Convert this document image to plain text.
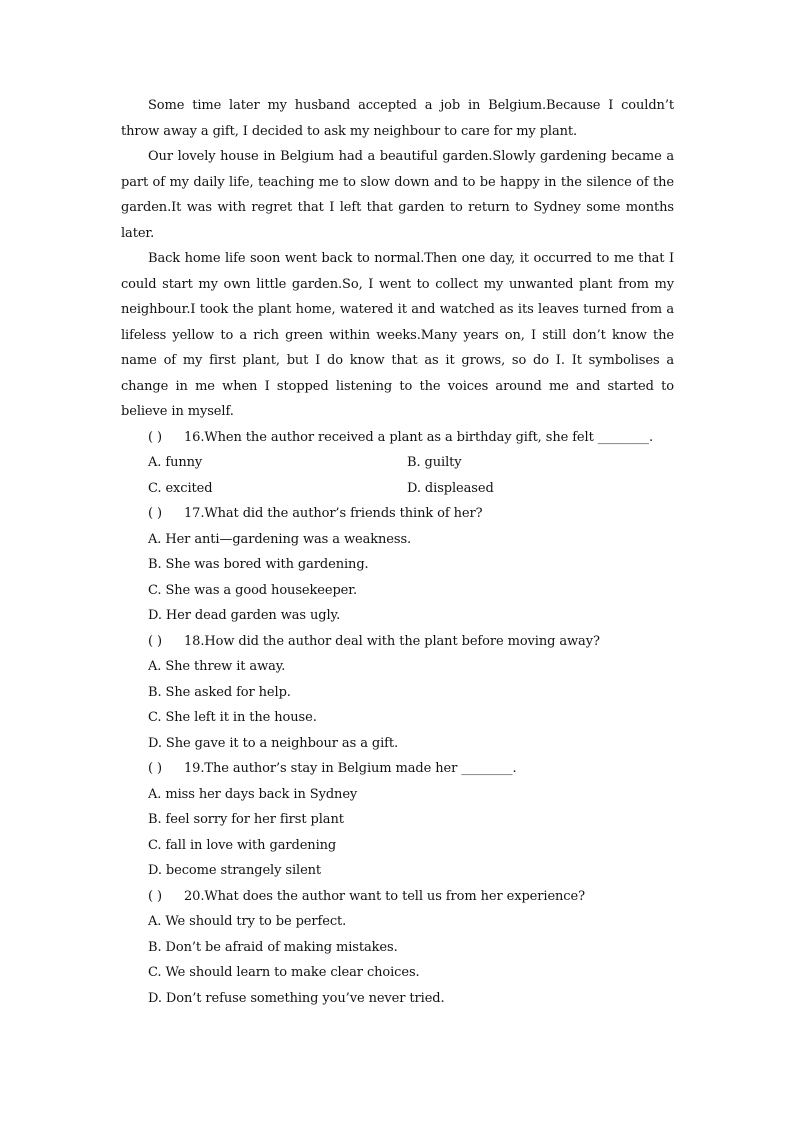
Some time later my husband accepted a job in Belgium.Because I couldn’t throw away a gift, I decided to ask my neighbour to care for my plant.

Our lovely house in Belgium had a beautiful garden.Slowly gardening became a part of my daily life, teaching me to slow down and to be happy in the silence of the garden.It was with regret that I left that garden to return to Sydney some months later.

Back home life soon went back to normal.Then one day, it occurred to me that I could start my own little garden.So, I went to collect my unwanted plant from my neighbour.I took the plant home, watered it and watched as its leaves turned from a lifeless yellow to a rich green within weeks.Many years on, I still don’t know the name of my first plant, but I do know that as it grows, so do I. It symbolises a change in me when I stopped listening to the voices around me and started to believe in myself.

( ) 16.When the author received a plant as a birthday gift, she felt ________.

A. funny	B. guilty
C. excited	D. displeased

( ) 17.What did the author’s friends think of her?

A. Her anti—gardening was a weakness.

B. She was bored with gardening.

C. She was a good housekeeper.

D. Her dead garden was ugly.

( ) 18.How did the author deal with the plant before moving away?

A. She threw it away.

B. She asked for help.

C. She left it in the house.

D. She gave it to a neighbour as a gift.

( ) 19.The author’s stay in Belgium made her ________.

A. miss her days back in Sydney

B. feel sorry for her first plant

C. fall in love with gardening

D. become strangely silent

( ) 20.What does the author want to tell us from her experience?

A. We should try to be perfect.

B. Don’t be afraid of making mistakes.

C. We should learn to make clear choices.

D. Don’t refuse something you’ve never tried.
